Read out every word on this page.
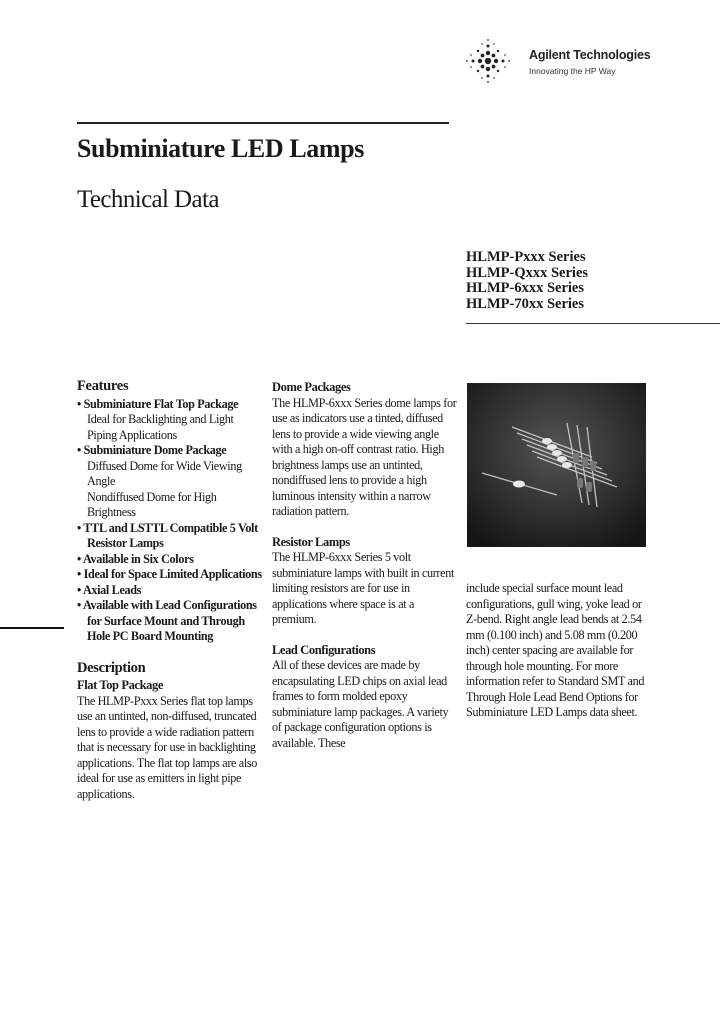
Agilent Technologies
Innovating the HP Way
Subminiature LED Lamps
Technical Data
HLMP-Pxxx Series
HLMP-Qxxx Series
HLMP-6xxx Series
HLMP-70xx Series
Features
• Subminiature Flat Top Package
Ideal for Backlighting and Light Piping Applications
• Subminiature Dome Package
Diffused Dome for Wide Viewing Angle
Nondiffused Dome for High Brightness
• TTL and LSTTL Compatible 5 Volt Resistor Lamps
• Available in Six Colors
• Ideal for Space Limited Applications
• Axial Leads
• Available with Lead Configurations for Surface Mount and Through Hole PC Board Mounting
Description
Flat Top Package

The HLMP-Pxxx Series flat top lamps use an untinted, non-diffused, truncated lens to provide a wide radiation pattern that is necessary for use in backlighting applications. The flat top lamps are also ideal for use as emitters in light pipe applications.

Dome Packages

The HLMP-6xxx Series dome lamps for use as indicators use a tinted, diffused lens to provide a wide viewing angle with a high on-off contrast ratio. High brightness lamps use an untinted, nondiffused lens to provide a high luminous intensity within a narrow radiation pattern.

Resistor Lamps

The HLMP-6xxx Series 5 volt subminiature lamps with built in current limiting resistors are for use in applications where space is at a premium.

Lead Configurations

All of these devices are made by encapsulating LED chips on axial lead frames to form molded epoxy subminiature lamp packages. A variety of package configuration options is available. These

include special surface mount lead configurations, gull wing, yoke lead or Z-bend. Right angle lead bends at 2.54 mm (0.100 inch) and 5.08 mm (0.200 inch) center spacing are available for through hole mounting. For more information refer to Standard SMT and Through Hole Lead Bend Options for Subminiature LED Lamps data sheet.
